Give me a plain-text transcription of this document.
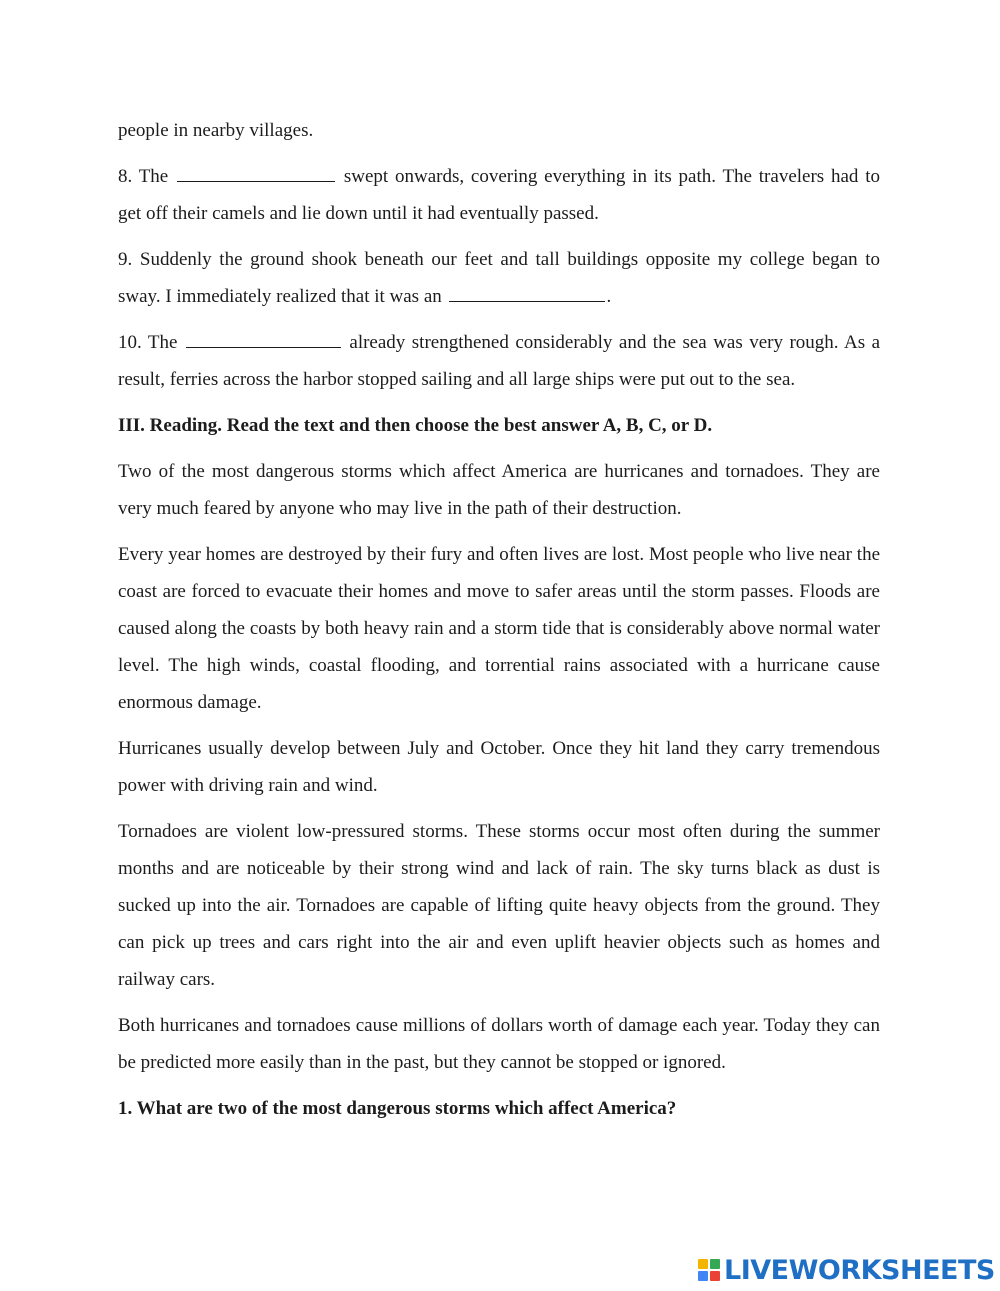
people in nearby villages.

8. The	swept onwards, covering everything in its path. The travelers had to get off their camels and lie down until it had eventually passed.

9. Suddenly the ground shook beneath our feet and tall buildings opposite my college began to sway. I immediately realized that it was an	.

10. The	already strengthened considerably and the sea was very rough. As a result, ferries across the harbor stopped sailing and all large ships were put out to the sea.

III. Reading. Read the text and then choose the best answer A, B, C, or D.

Two of the most dangerous storms which affect America are hurricanes and tornadoes. They are very much feared by anyone who may live in the path of their destruction.

Every year homes are destroyed by their fury and often lives are lost. Most people who live near the coast are forced to evacuate their homes and move to safer areas until the storm passes. Floods are caused along the coasts by both heavy rain and a storm tide that is considerably above normal water level. The high winds, coastal flooding, and torrential rains associated with a hurricane cause enormous damage.

Hurricanes usually develop between July and October. Once they hit land they carry tremendous power with driving rain and wind.

Tornadoes are violent low-pressured storms. These storms occur most often during the summer months and are noticeable by their strong wind and lack of rain. The sky turns black as dust is sucked up into the air. Tornadoes are capable of lifting quite heavy objects from the ground. They can pick up trees and cars right into the air and even uplift heavier objects such as homes and railway cars.

Both hurricanes and tornadoes cause millions of dollars worth of damage each year. Today they can be predicted more easily than in the past, but they cannot be stopped or ignored.

1. What are two of the most dangerous storms which affect America?

LIVEWORKSHEETS
